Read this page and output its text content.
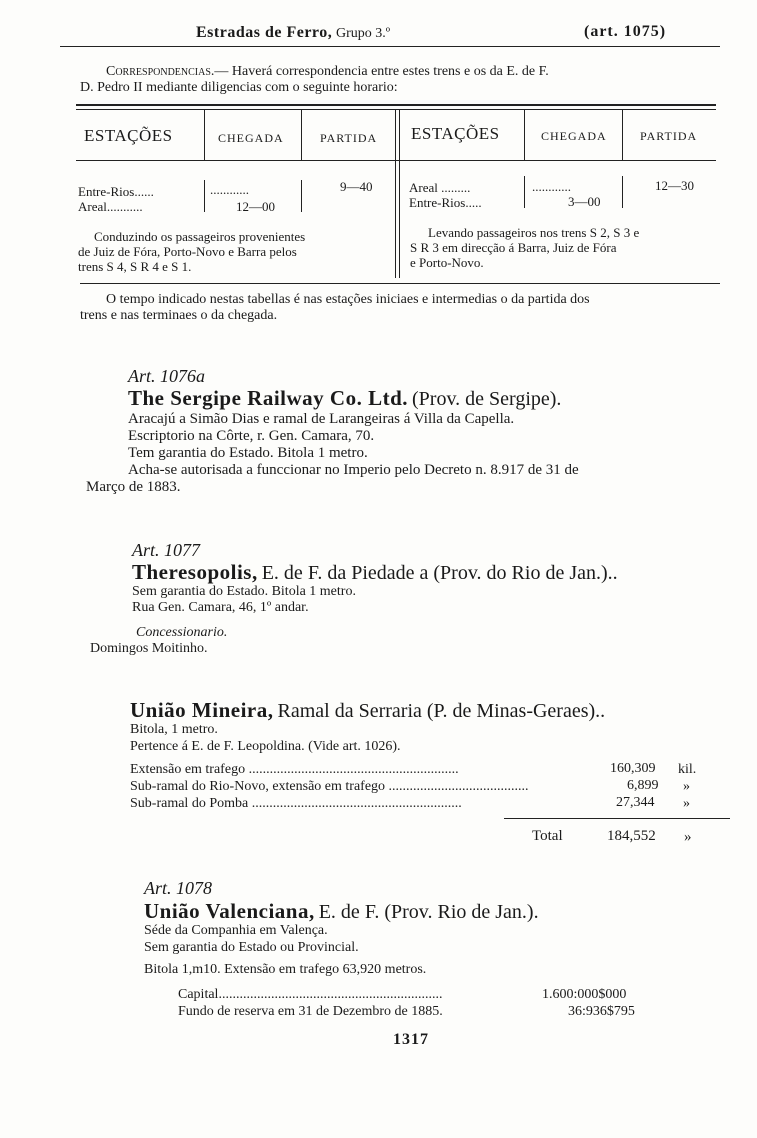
Estradas de Ferro, Grupo 3.º	(art. 1075)
Correspondencias.— Haverá correspondencia entre estes trens e os da E. de F.
D. Pedro II mediante diligencias com o seguinte horario:
ESTAÇÕES	CHEGADA	PARTIDA ESTAÇÕES	CHEGADA	PARTIDA
Entre-Rios......	............	9—40
Areal...........	12—00
Areal .........	............	12—30
Entre-Rios.....	3—00
Conduzindo os passageiros provenientes
de Juiz de Fóra, Porto-Novo e Barra pelos
trens S 4, S R 4 e S 1.
Levando passageiros nos trens S 2, S 3 e
S R 3 em direcção á Barra, Juiz de Fóra
e Porto-Novo.
O tempo indicado nestas tabellas é nas estações iniciaes e intermedias o da partida dos
trens e nas terminaes o da chegada.
Art. 1076a
The Sergipe Railway Co. Ltd. (Prov. de Sergipe).
Aracajú a Simão Dias e ramal de Larangeiras á Villa da Capella.
Escriptorio na Côrte, r. Gen. Camara, 70.
Tem garantia do Estado. Bitola 1 metro.
Acha-se autorisada a funccionar no Imperio pelo Decreto n. 8.917 de 31 de
Março de 1883.
Art. 1077
Theresopolis, E. de F. da Piedade a (Prov. do Rio de Jan.)..
Sem garantia do Estado. Bitola 1 metro.
Rua Gen. Camara, 46, 1º andar.
Concessionario.
Domingos Moitinho.
União Mineira, Ramal da Serraria (P. de Minas-Geraes)..
Bitola, 1 metro.
Pertence á E. de F. Leopoldina. (Vide art. 1026).
Extensão em trafego ............................................................	160,309 kil.
Sub-ramal do Rio-Novo, extensão em trafego ........................................	6,899 »
Sub-ramal do Pomba ............................................................	27,344 »
Total	184,552 »
Art. 1078
União Valenciana, E. de F. (Prov. Rio de Jan.).
Séde da Companhia em Valença.
Sem garantia do Estado ou Provincial.
Bitola 1,m10. Extensão em trafego 63,920 metros.
Capital................................................................	1.600:000$000
Fundo de reserva em 31 de Dezembro de 1885.	36:936$795
1317
